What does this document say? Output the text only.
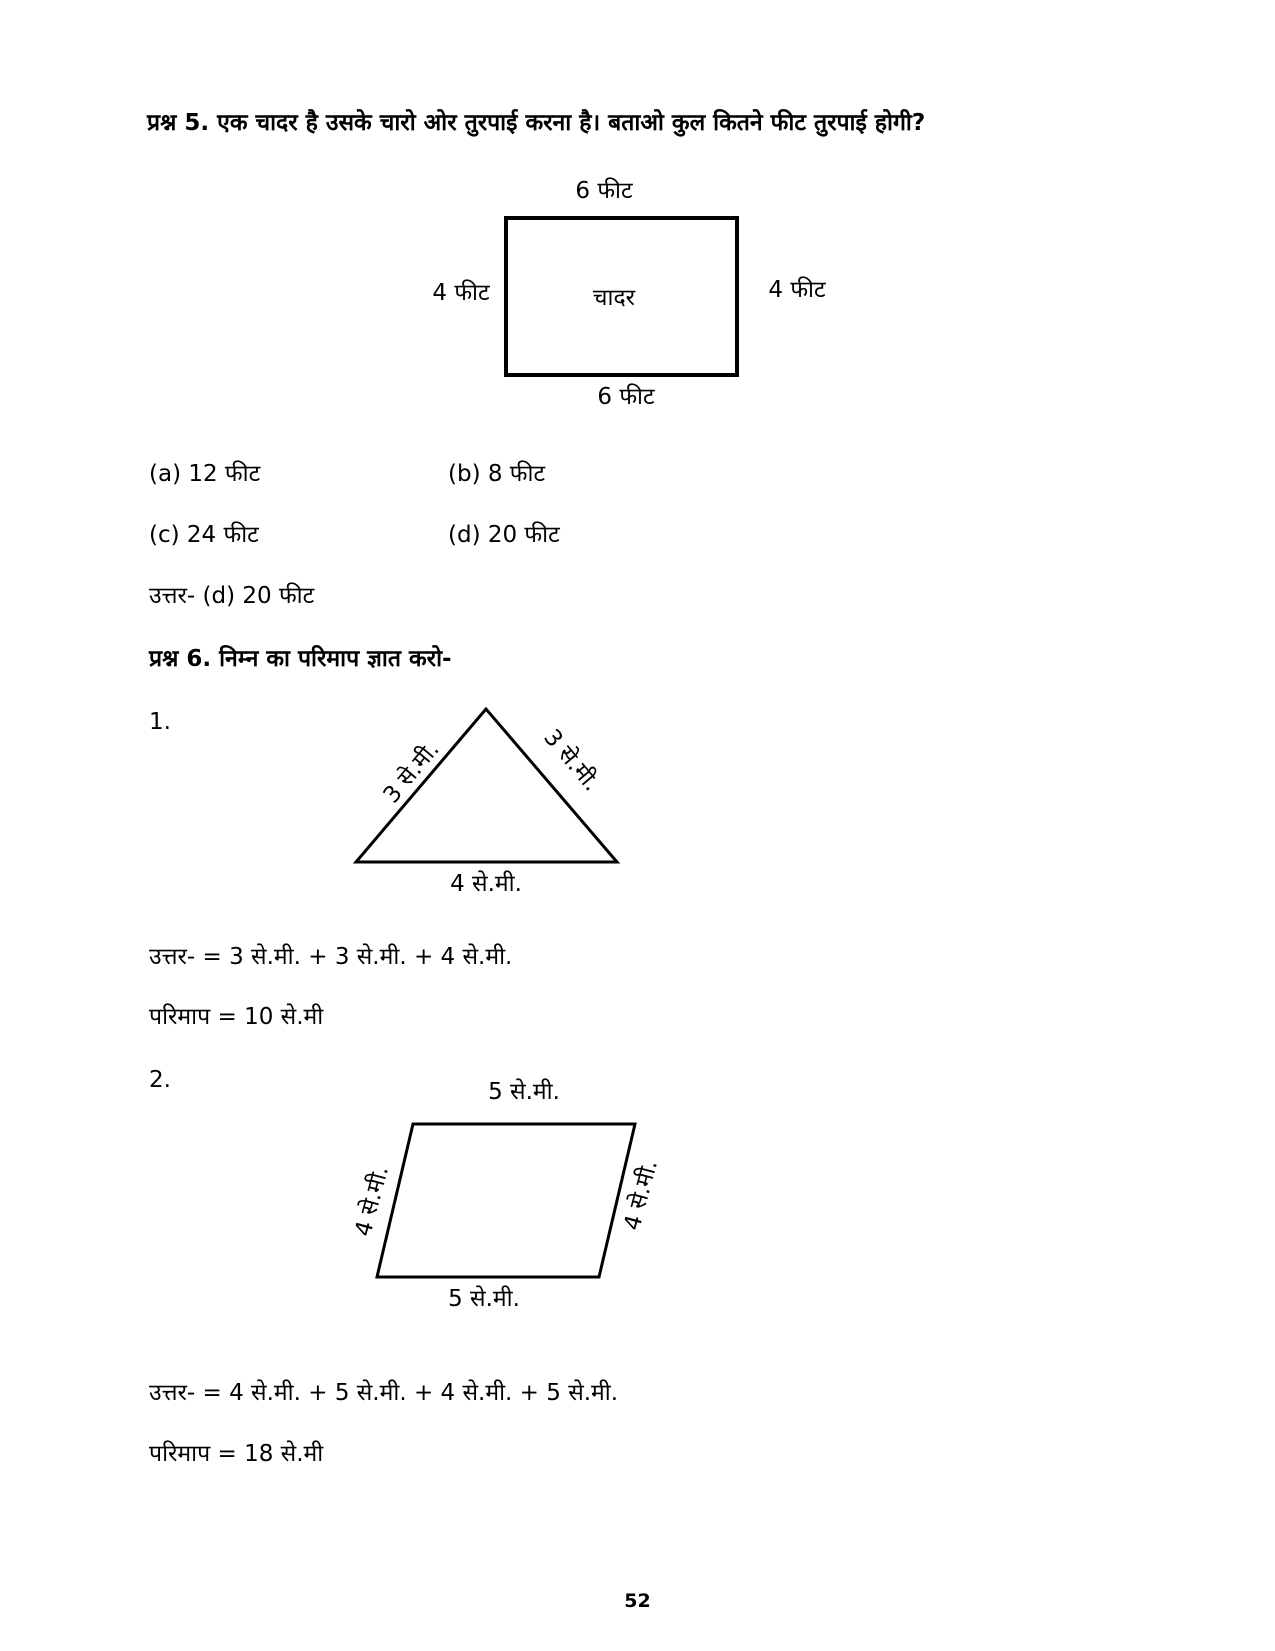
प्रश्न 5. एक चादर है उसके चारो ओर तुरपाई करना है। बताओ कुल कितने फीट तुरपाई होगी?
6 फीट
4 फीट	चादर	4 फीट
6 फीट
(a) 12 फीट	(b) 8 फीट
(c) 24 फीट	(d) 20 फीट
उत्तर- (d) 20 फीट
प्रश्न 6. निम्न का परिमाप ज्ञात करो-
1.
3 से.मी.	3 से.मी.
4 से.मी.
उत्तर- = 3 से.मी. + 3 से.मी. + 4 से.मी.
परिमाप = 10 से.मी
2.	5 से.मी.
4 से.मी.	4 से.मी.
5 से.मी.
उत्तर- = 4 से.मी. + 5 से.मी. + 4 से.मी. + 5 से.मी.
परिमाप = 18 से.मी
52
